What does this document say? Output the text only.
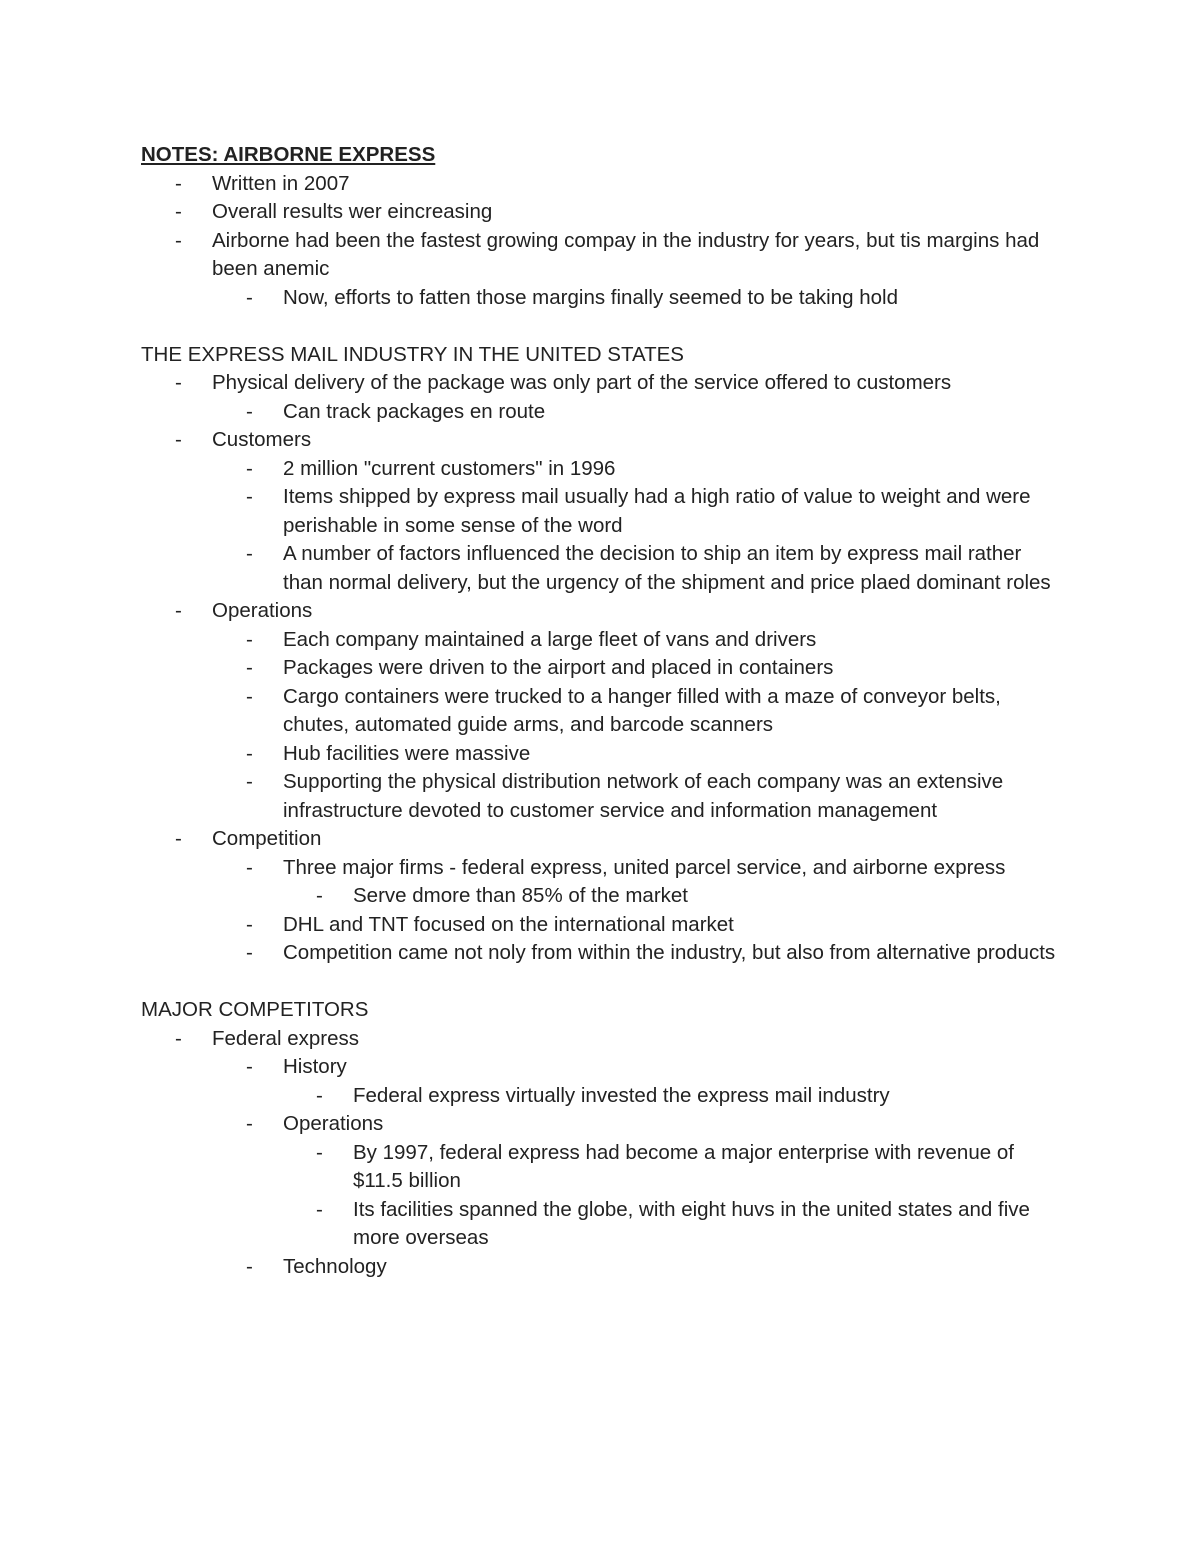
NOTES: AIRBORNE EXPRESS

-	Written in 2007
-	Overall results wer eincreasing
-	Airborne had been the fastest growing compay in the industry for years, but tis margins had been anemic
-	Now, efforts to fatten those margins finally seemed to be taking hold

THE EXPRESS MAIL INDUSTRY IN THE UNITED STATES

-	Physical delivery of the package was only part of the service offered to customers
-	Can track packages en route
-	Customers
-	2 million "current customers" in 1996
-	Items shipped by express mail usually had a high ratio of value to weight and were perishable in some sense of the word
-	A number of factors influenced the decision to ship an item by express mail rather than normal delivery, but the urgency of the shipment and price plaed dominant roles
-	Operations
-	Each company maintained a large fleet of vans and drivers
-	Packages were driven to the airport and placed in containers
-	Cargo containers were trucked to a hanger filled with a maze of conveyor belts, chutes, automated guide arms, and barcode scanners
-	Hub facilities were massive
-	Supporting the physical distribution network of each company was an extensive infrastructure devoted to customer service and information management
-	Competition
-	Three major firms - federal express, united parcel service, and airborne express
-	Serve dmore than 85% of the market
-	DHL and TNT focused on the international market
-	Competition came not noly from within the industry, but also from alternative products

MAJOR COMPETITORS

-	Federal express
-	History
-	Federal express virtually invested the express mail industry
-	Operations
-	By 1997, federal express had become a major enterprise with revenue of $11.5 billion
-	Its facilities spanned the globe, with eight huvs in the united states and five more overseas
-	Technology
